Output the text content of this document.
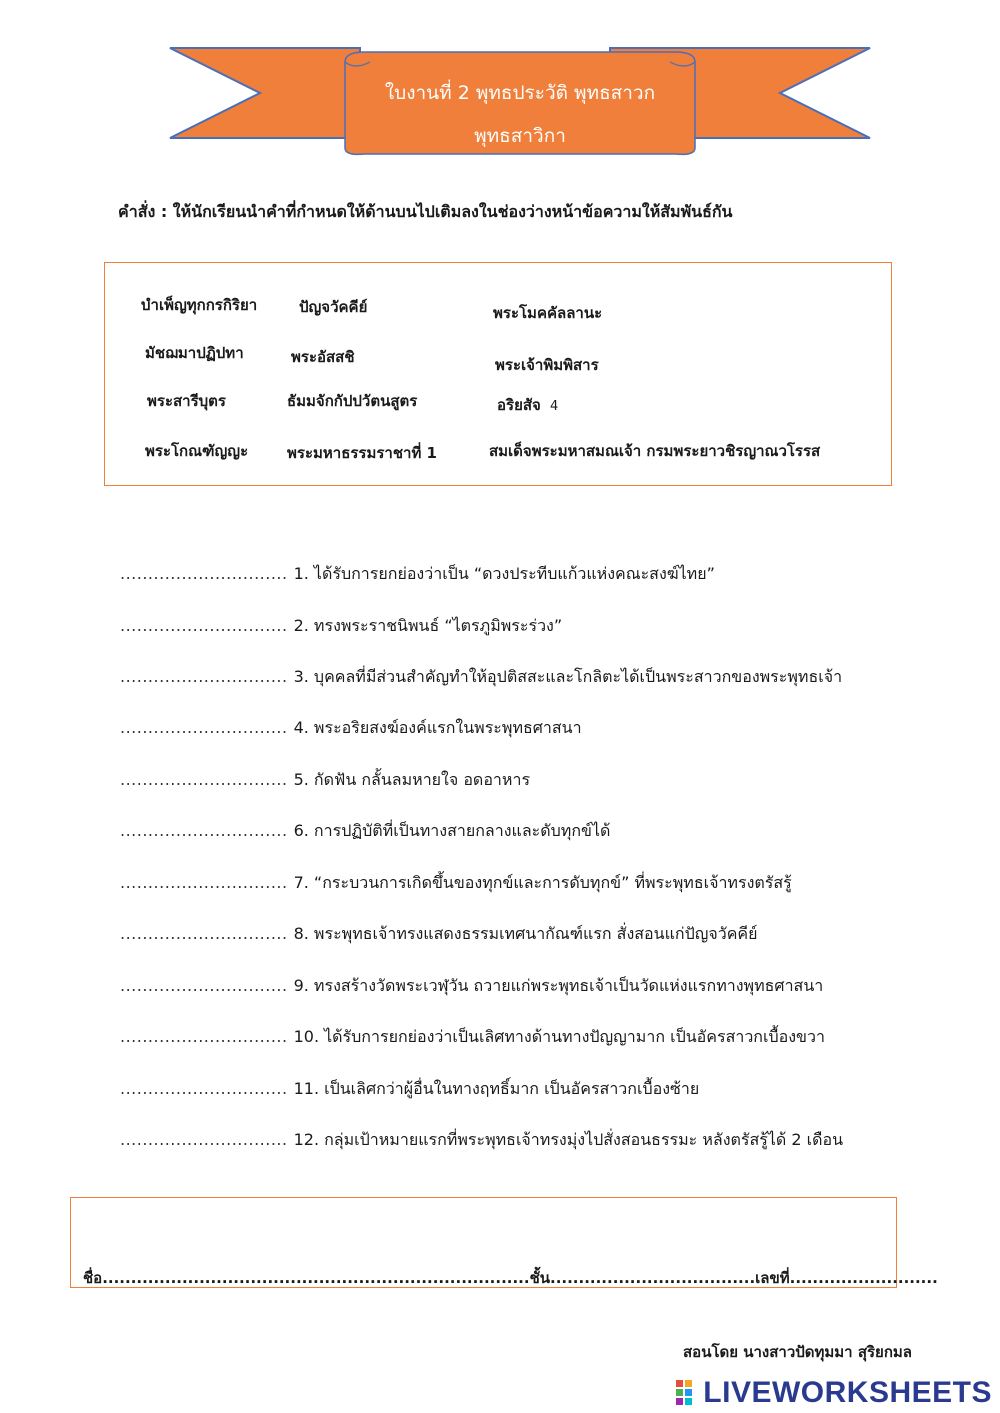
ใบงานที่ 2 พุทธประวัติ พุทธสาวก
พุทธสาวิกา
คำสั่ง : ให้นักเรียนนำคำที่กำหนดให้ด้านบนไปเติมลงในช่องว่างหน้าข้อความให้สัมพันธ์กัน
บำเพ็ญทุกกรกิริยา	ปัญจวัคคีย์	พระโมคคัลลานะ
มัชฌมาปฏิปทา	พระอัสสชิ	พระเจ้าพิมพิสาร
พระสารีบุตร	ธัมมจักกัปปวัตนสูตร	อริยสัจ 4
พระโกณฑัญญะ	พระมหาธรรมราชาที่ 1	สมเด็จพระมหาสมณเจ้า กรมพระยาวชิรญาณวโรรส
.............................. 1. ได้รับการยกย่องว่าเป็น “ดวงประทีบแก้วแห่งคณะสงฆ์ไทย”
.............................. 2. ทรงพระราชนิพนธ์ “ไตรภูมิพระร่วง”
.............................. 3. บุคคลที่มีส่วนสำคัญทำให้อุปติสสะและโกลิตะได้เป็นพระสาวกของพระพุทธเจ้า
.............................. 4. พระอริยสงฆ์องค์แรกในพระพุทธศาสนา
.............................. 5. กัดฟัน กลั้นลมหายใจ อดอาหาร
.............................. 6. การปฏิบัติที่เป็นทางสายกลางและดับทุกข์ได้
.............................. 7. “กระบวนการเกิดขึ้นของทุกข์และการดับทุกข์” ที่พระพุทธเจ้าทรงตรัสรู้
.............................. 8. พระพุทธเจ้าทรงแสดงธรรมเทศนากัณฑ์แรก สั่งสอนแก่ปัญจวัคคีย์
.............................. 9. ทรงสร้างวัดพระเวฬุวัน ถวายแก่พระพุทธเจ้าเป็นวัดแห่งแรกทางพุทธศาสนา
.............................. 10. ได้รับการยกย่องว่าเป็นเลิศทางด้านทางปัญญามาก เป็นอัครสาวกเบื้องขวา
.............................. 11. เป็นเลิศกว่าผู้อื่นในทางฤทธิ์มาก เป็นอัครสาวกเบื้องซ้าย
.............................. 12. กลุ่มเป้าหมายแรกที่พระพุทธเจ้าทรงมุ่งไปสั่งสอนธรรมะ หลังตรัสรู้ได้ 2 เดือน
ชื่อ...........................................................................ชั้น....................................เลขที่..........................
สอนโดย นางสาวปัดทุมมา สุริยกมล
LIVEWORKSHEETS
